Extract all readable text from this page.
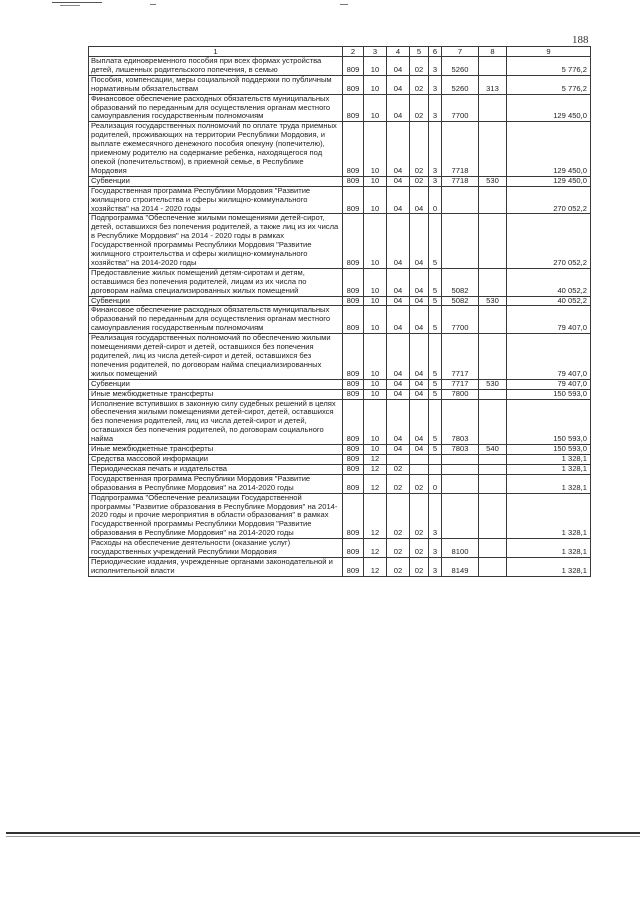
188
1	2	3	4	5	6	7	8	9
Выплата единовременного пособия при всех формах устройства детей, лишенных родительского попечения, в семью	809	10	04	02	3	5260		5 776,2
Пособия, компенсации, меры социальной поддержки по публичным нормативным обязательствам	809	10	04	02	3	5260	313	5 776,2
Финансовое обеспечение расходных обязательств муниципальных образований по переданным для осуществления органам местного самоуправления государственным полномочиям	809	10	04	02	3	7700		129 450,0
Реализация государственных полномочий по оплате труда приемных родителей, проживающих на территории Республики Мордовия, и выплате ежемесячного денежного пособия опекуну (попечителю), приемному родителю на содержание ребенка, находящегося под опекой (попечительством), в приемной семье, в Республике Мордовия	809	10	04	02	3	7718		129 450,0
Субвенции	809	10	04	02	3	7718	530	129 450,0
Государственная программа Республики Мордовия "Развитие жилищного строительства и сферы жилищно-коммунального хозяйства" на 2014 - 2020 годы	809	10	04	04	0			270 052,2
Подпрограмма "Обеспечение жилыми помещениями детей-сирот, детей, оставшихся без попечения родителей, а также лиц из их числа в Республике Мордовия" на 2014 - 2020 годы в рамках Государственной программы Республики Мордовия "Развитие жилищного строительства и сферы жилищно-коммунального хозяйства" на 2014-2020 годы	809	10	04	04	5			270 052,2
Предоставление жилых помещений детям-сиротам и детям, оставшимся без попечения родителей, лицам из их числа по договорам найма специализированных жилых помещений	809	10	04	04	5	5082		40 052,2
Субвенции	809	10	04	04	5	5082	530	40 052,2
Финансовое обеспечение расходных обязательств муниципальных образований по переданным для осуществления органам местного самоуправления государственным полномочиям	809	10	04	04	5	7700		79 407,0
Реализация государственных полномочий по обеспечению жилыми помещениями детей-сирот и детей, оставшихся без попечения родителей, лиц из числа детей-сирот и детей, оставшихся без попечения родителей, по договорам найма специализированных жилых помещений	809	10	04	04	5	7717		79 407,0
Субвенции	809	10	04	04	5	7717	530	79 407,0
Иные межбюджетные трансферты	809	10	04	04	5	7800		150 593,0
Исполнение вступивших в законную силу судебных решений в целях обеспечения жилыми помещениями детей-сирот, детей, оставшихся без попечения родителей, лиц из числа детей-сирот и детей, оставшихся без попечения родителей, по договорам социального найма	809	10	04	04	5	7803		150 593,0
Иные межбюджетные трансферты	809	10	04	04	5	7803	540	150 593,0
Средства массовой информации	809	12						1 328,1
Периодическая печать и издательства	809	12	02					1 328,1
Государственная программа Республики Мордовия "Развитие образования в Республике Мордовия" на 2014-2020 годы	809	12	02	02	0			1 328,1
Подпрограмма "Обеспечение реализации Государственной программы "Развитие образования в Республике Мордовия" на 2014-2020 годы и прочие мероприятия в области образования" в рамках Государственной программы Республики Мордовия "Развитие образования в Республике Мордовия" на 2014-2020 годы	809	12	02	02	3			1 328,1
Расходы на обеспечение деятельности (оказание услуг) государственных учреждений Республики Мордовия	809	12	02	02	3	8100		1 328,1
Периодические издания, учрежденные органами законодательной и исполнительной власти	809	12	02	02	3	8149		1 328,1
